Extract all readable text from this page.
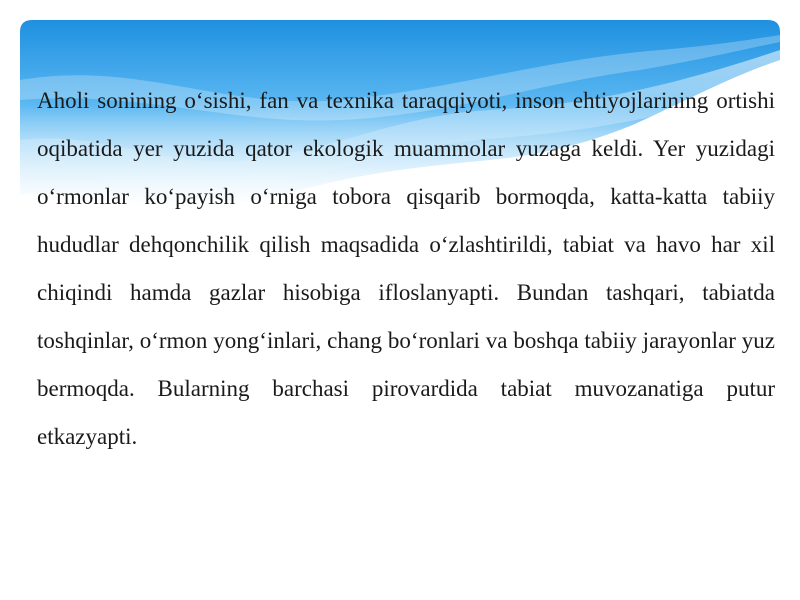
Aholi sonining o‘sishi, fan va texnika taraqqiyoti, inson ehtiyojlarining ortishi oqibatida yer yuzida qator ekologik muammolar yuzaga keldi. Yer yuzidagi o‘rmonlar ko‘payish o‘rniga tobora qisqarib bormoqda, katta-katta tabiiy hududlar dehqonchilik qilish maqsadida o‘zlashtirildi, tabiat va havo har xil chiqindi hamda gazlar hisobiga ifloslanyapti. Bundan tashqari, tabiatda toshqinlar, o‘rmon yong‘inlari, chang bo‘ronlari va boshqa tabiiy jarayonlar yuz bermoqda. Bularning barchasi pirovardida tabiat muvozanatiga putur etkazyapti.
